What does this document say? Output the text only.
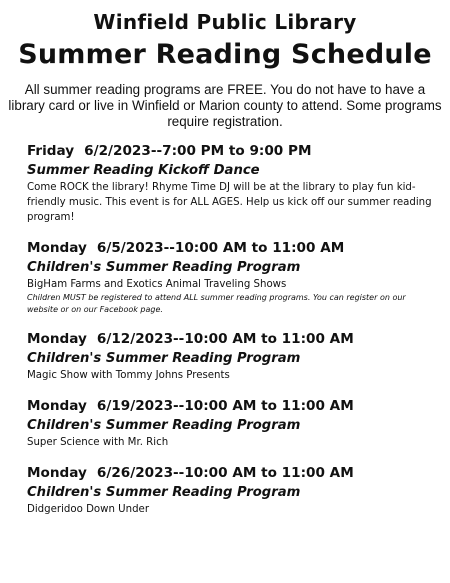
Winfield Public Library
Summer Reading Schedule
All summer reading programs are FREE. You do not have to have a library card or live in Winfield or Marion county to attend. Some programs require registration.
Friday 6/2/2023--7:00 PM to 9:00 PM
Summer Reading Kickoff Dance
Come ROCK the library! Rhyme Time DJ will be at the library to play fun kid-friendly music. This event is for ALL AGES. Help us kick off our summer reading program!
Monday 6/5/2023--10:00 AM to 11:00 AM
Children's Summer Reading Program
BigHam Farms and Exotics Animal Traveling Shows
Children MUST be registered to attend ALL summer reading programs. You can register on our website or on our Facebook page.
Monday 6/12/2023--10:00 AM to 11:00 AM
Children's Summer Reading Program
Magic Show with Tommy Johns Presents
Monday 6/19/2023--10:00 AM to 11:00 AM
Children's Summer Reading Program
Super Science with Mr. Rich
Monday 6/26/2023--10:00 AM to 11:00 AM
Children's Summer Reading Program
Didgeridoo Down Under
